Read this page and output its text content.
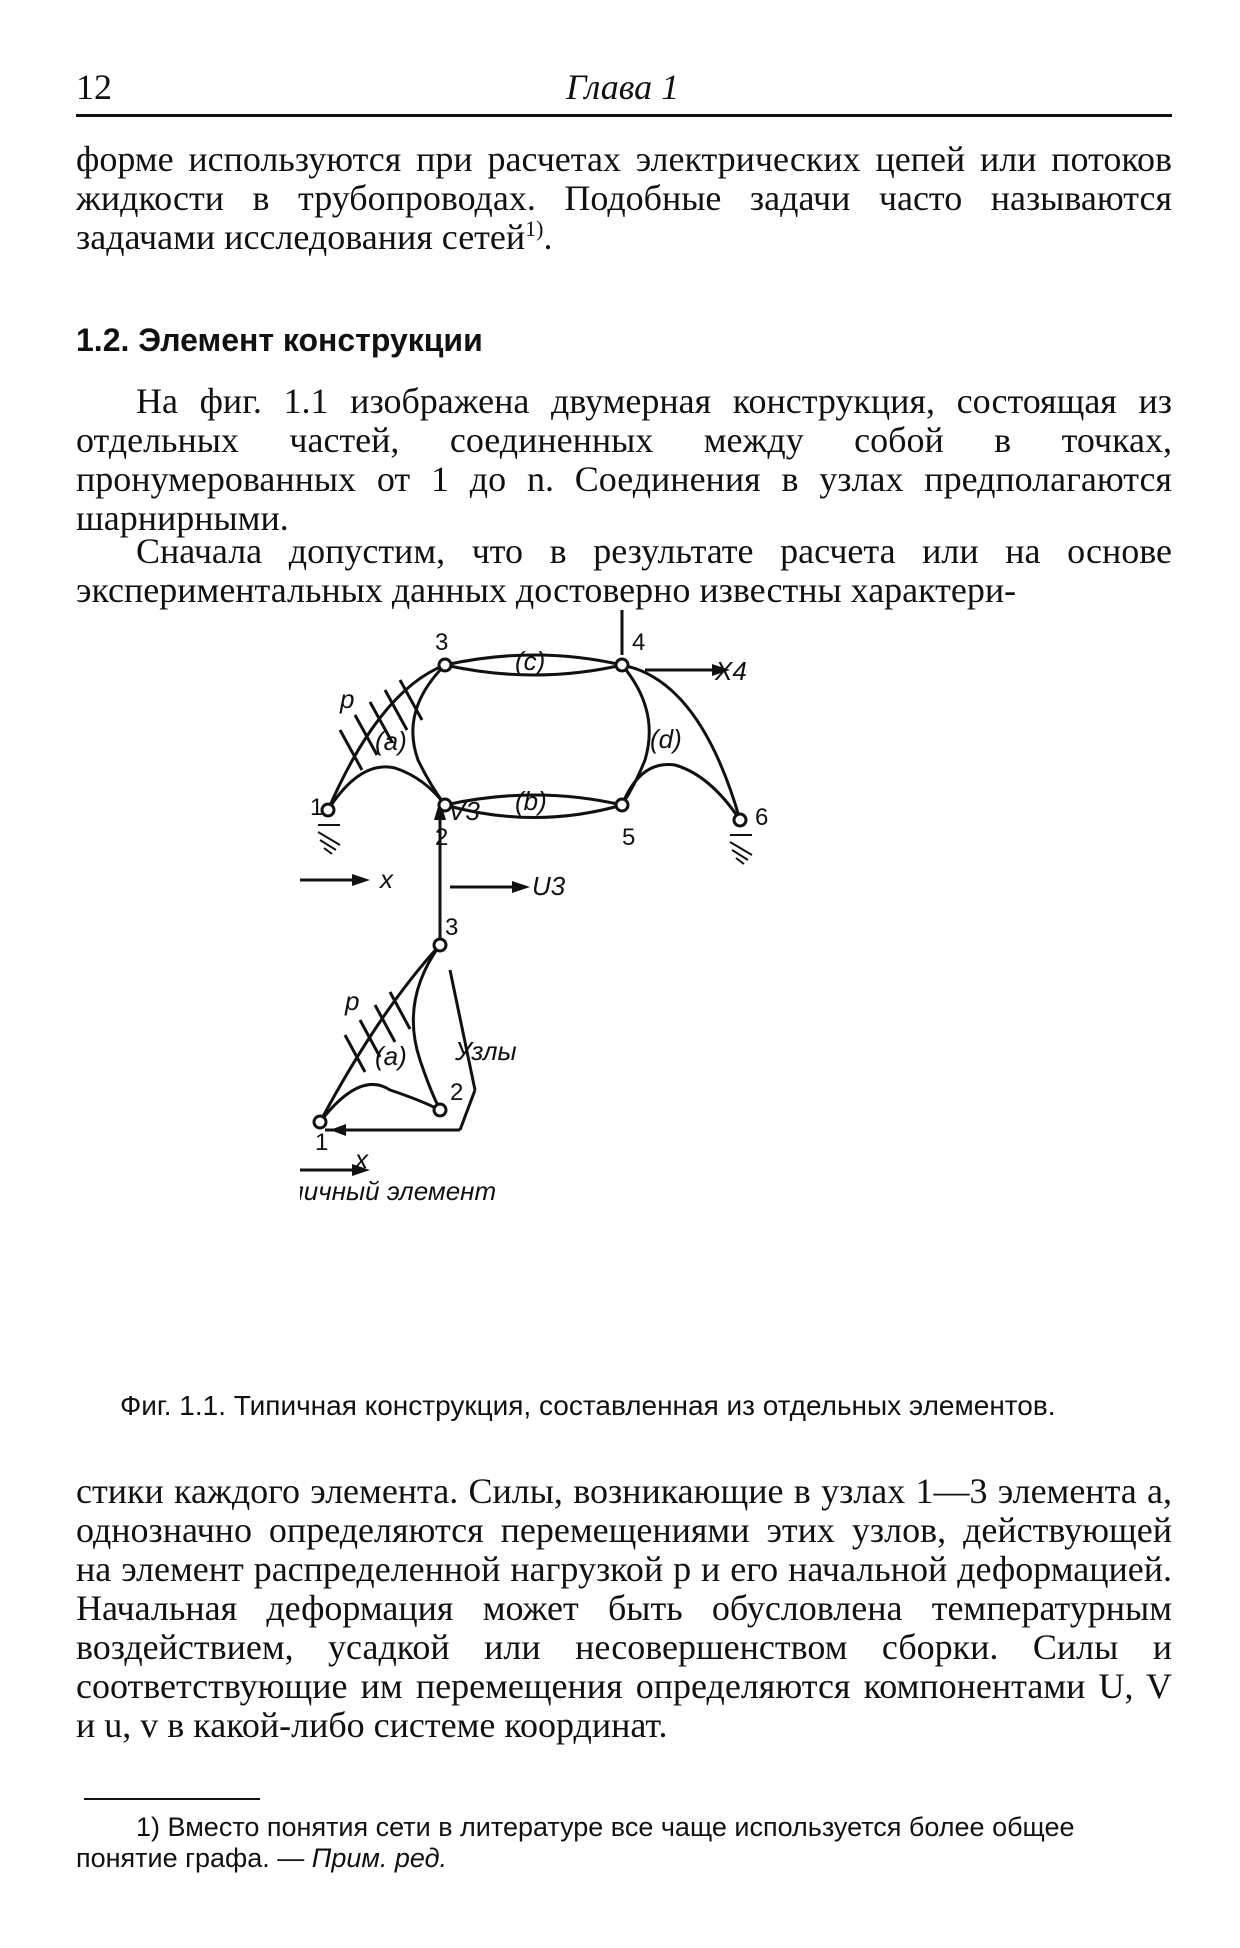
12	Глава 1

форме используются при расчетах электрических цепей или потоков жидкости в трубопроводах. Подобные задачи часто называются задачами исследования сетей$^{1)}$.

1.2. Элемент конструкции

На фиг. 1.1 изображена двумерная конструкция, состоящая из отдельных частей, соединенных между собой в точках, пронумерованных от 1 до n. Соединения в узлах предполагаются шарнирными.

Сначала допустим, что в результате расчета или на основе экспериментальных данных достоверно известны характери-

1
2
3	4
5
6
(a)
(b)
(c)
(d)
p
X4
x
1
2
3
(a)
p
V3
U3
Узлы
x
ичный элемент
Фиг. 1.1. Типичная конструкция, составленная из отдельных элементов.

стики каждого элемента. Силы, возникающие в узлах 1—3 элемента a, однозначно определяются перемещениями этих узлов, действующей на элемент распределенной нагрузкой p и его начальной деформацией. Начальная деформация может быть обусловлена температурным воздействием, усадкой или несовершенством сборки. Силы и соответствующие им перемещения определяются компонентами U, V и u, v в какой-либо системе координат.

1) Вместо понятия сети в литературе все чаще используется более общее понятие графа. — Прим. ред.
